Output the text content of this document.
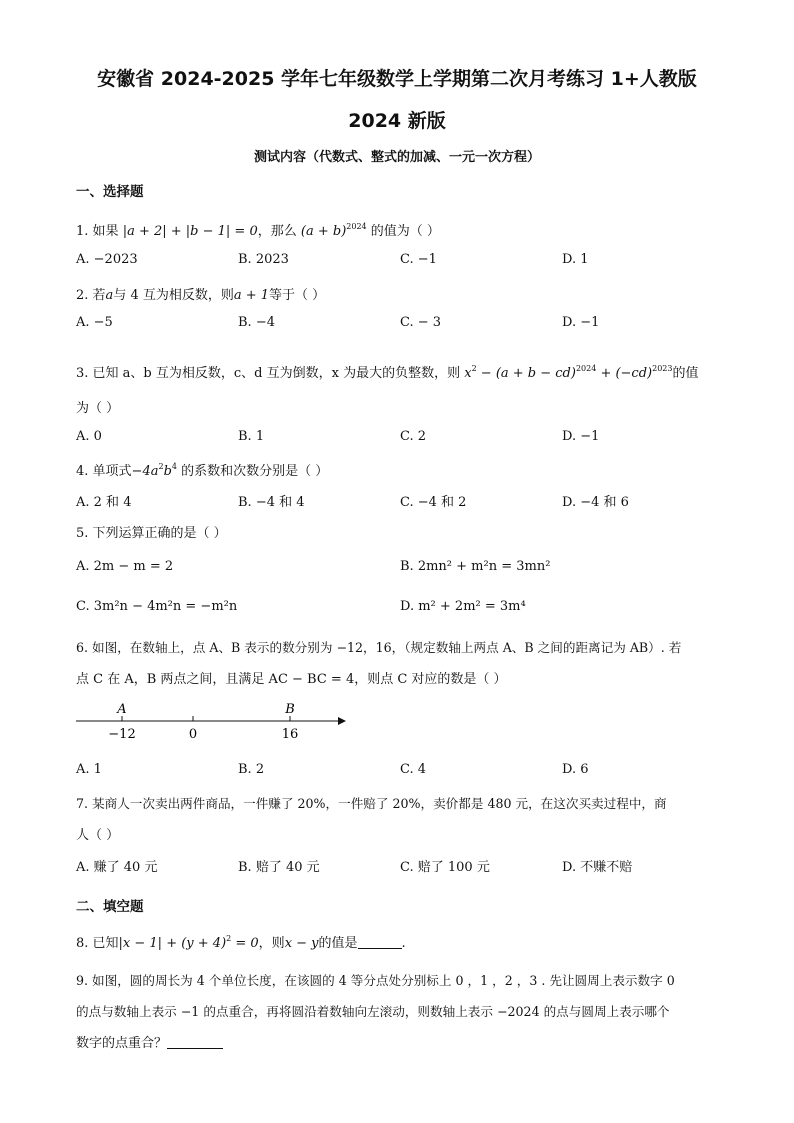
安徽省 2024-2025 学年七年级数学上学期第二次月考练习 1+人教版
2024 新版
测试内容（代数式、整式的加减、一元一次方程）
一、选择题
1. 如果 |a + 2| + |b − 1| = 0，那么 $(a + b)^{2024}$ 的值为（ ）
A. −2023	B. 2023	C. −1	D. 1
2. 若a与 4 互为相反数，则a + 1等于（ ）
A. −5	B. −4	C. − 3	D. −1
3. 已知 a、b 互为相反数，c、d 互为倒数，x 为最大的负整数，则 $x^2 - (a + b - cd)^{2024} + (-cd)^{2023}$的值
为（ ）
A. 0	B. 1	C. 2	D. −1
4. 单项式$-4a^2b^4$ 的系数和次数分别是（ ）
A. 2 和 4	B. −4 和 4	C. −4 和 2	D. −4 和 6
5. 下列运算正确的是（ ）
A. 2m − m = 2	B. 2mn² + m²n = 3mn²
C. 3m²n − 4m²n = −m²n	D. m² + 2m² = 3m⁴
6. 如图，在数轴上，点 A、B 表示的数分别为 −12，16，（规定数轴上两点 A、B 之间的距离记为 AB）. 若
点 C 在 A，B 两点之间，且满足 AC − BC = 4，则点 C 对应的数是（ ）
A	B
−12	0	16
A. 1	B. 2	C. 4	D. 6
7. 某商人一次卖出两件商品，一件赚了 20%，一件赔了 20%，卖价都是 480 元，在这次买卖过程中，商
人（ ）
A. 赚了 40 元	B. 赔了 40 元	C. 赔了 100 元	D. 不赚不赔
二、填空题
8. 已知$|x - 1| + (y + 4)^2 = 0$，则x − y的值是	.
9. 如图，圆的周长为 4 个单位长度，在该圆的 4 等分点处分别标上 0 ，1 ，2 ，3 . 先让圆周上表示数字 0
的点与数轴上表示 −1 的点重合，再将圆沿着数轴向左滚动，则数轴上表示 −2024 的点与圆周上表示哪个
数字的点重合？
